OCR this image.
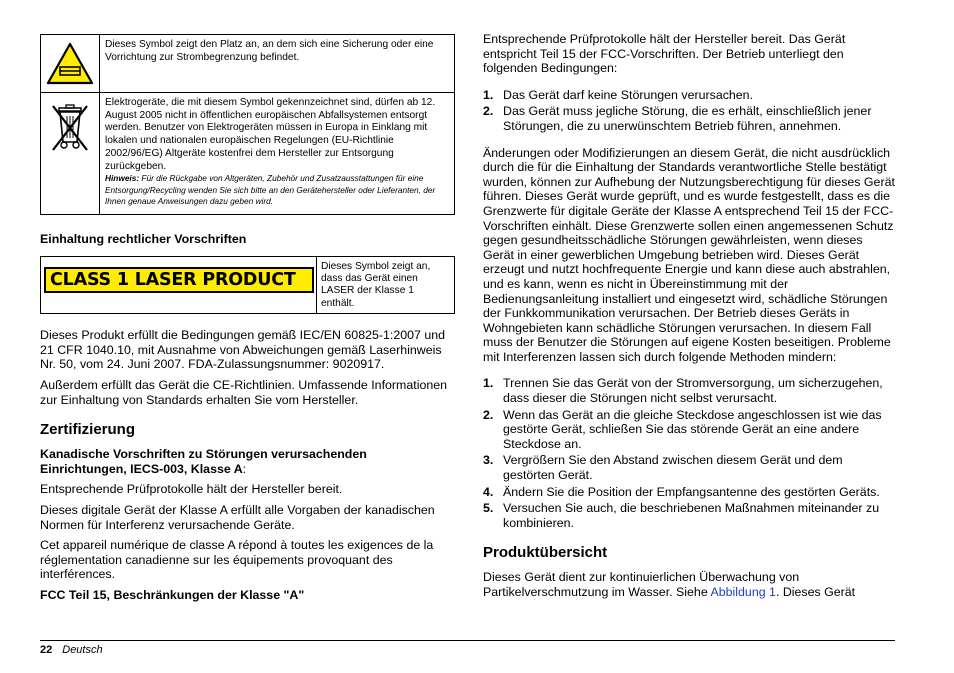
	Dieses Symbol zeigt den Platz an, an dem sich eine Sicherung oder eine Vorrichtung zur Strombegrenzung befindet.

Elektrogeräte, die mit diesem Symbol gekennzeichnet sind, dürfen ab 12. August 2005 nicht in öffentlichen europäischen Abfallsystemen entsorgt werden. Benutzer von Elektrogeräten müssen in Europa in Einklang mit lokalen und nationalen europäischen Regelungen (EU-Richtlinie 2002/96/EG) Altgeräte kostenfrei dem Hersteller zur Entsorgung zurückgeben.
Hinweis: Für die Rückgabe von Altgeräten, Zubehör und Zusatzausstattungen für eine Entsorgung/Recycling wenden Sie sich bitte an den Gerätehersteller oder Lieferanten, der Ihnen genaue Anweisungen dazu geben wird.
Einhaltung rechtlicher Vorschriften
CLASS 1 LASER PRODUCT	Dieses Symbol zeigt an, dass das Gerät einen LASER der Klasse 1 enthält.

Dieses Produkt erfüllt die Bedingungen gemäß IEC/EN 60825-1:2007 und 21 CFR 1040.10, mit Ausnahme von Abweichungen gemäß Laserhinweis Nr. 50, vom 24. Juni 2007. FDA-Zulassungsnummer: 9020917.

Außerdem erfüllt das Gerät die CE-Richtlinien. Umfassende Informationen zur Einhaltung von Standards erhalten Sie vom Hersteller.

Zertifizierung
Kanadische Vorschriften zu Störungen verursachenden Einrichtungen, IECS-003, Klasse A:

Entsprechende Prüfprotokolle hält der Hersteller bereit.

Dieses digitale Gerät der Klasse A erfüllt alle Vorgaben der kanadischen Normen für Interferenz verursachende Geräte.

Cet appareil numérique de classe A répond à toutes les exigences de la réglementation canadienne sur les équipements provoquant des interférences.

FCC Teil 15, Beschränkungen der Klasse "A"

Entsprechende Prüfprotokolle hält der Hersteller bereit. Das Gerät entspricht Teil 15 der FCC-Vorschriften. Der Betrieb unterliegt den folgenden Bedingungen:

1. Das Gerät darf keine Störungen verursachen.
2. Das Gerät muss jegliche Störung, die es erhält, einschließlich jener Störungen, die zu unerwünschtem Betrieb führen, annehmen.

Änderungen oder Modifizierungen an diesem Gerät, die nicht ausdrücklich durch die für die Einhaltung der Standards verantwortliche Stelle bestätigt wurden, können zur Aufhebung der Nutzungsberechtigung für dieses Gerät führen. Dieses Gerät wurde geprüft, und es wurde festgestellt, dass es die Grenzwerte für digitale Geräte der Klasse A entsprechend Teil 15 der FCC-Vorschriften einhält. Diese Grenzwerte sollen einen angemessenen Schutz gegen gesundheitsschädliche Störungen gewährleisten, wenn dieses Gerät in einer gewerblichen Umgebung betrieben wird. Dieses Gerät erzeugt und nutzt hochfrequente Energie und kann diese auch abstrahlen, und es kann, wenn es nicht in Übereinstimmung mit der Bedienungsanleitung installiert und eingesetzt wird, schädliche Störungen der Funkkommunikation verursachen. Der Betrieb dieses Geräts in Wohngebieten kann schädliche Störungen verursachen. In diesem Fall muss der Benutzer die Störungen auf eigene Kosten beseitigen. Probleme mit Interferenzen lassen sich durch folgende Methoden mindern:

1. Trennen Sie das Gerät von der Stromversorgung, um sicherzugehen, dass dieser die Störungen nicht selbst verursacht.
2. Wenn das Gerät an die gleiche Steckdose angeschlossen ist wie das gestörte Gerät, schließen Sie das störende Gerät an eine andere Steckdose an.
3. Vergrößern Sie den Abstand zwischen diesem Gerät und dem gestörten Gerät.
4. Ändern Sie die Position der Empfangsantenne des gestörten Geräts.
5. Versuchen Sie auch, die beschriebenen Maßnahmen miteinander zu kombinieren.
Produktübersicht

Dieses Gerät dient zur kontinuierlichen Überwachung von Partikelverschmutzung im Wasser. Siehe Abbildung 1. Dieses Gerät

22 Deutsch
